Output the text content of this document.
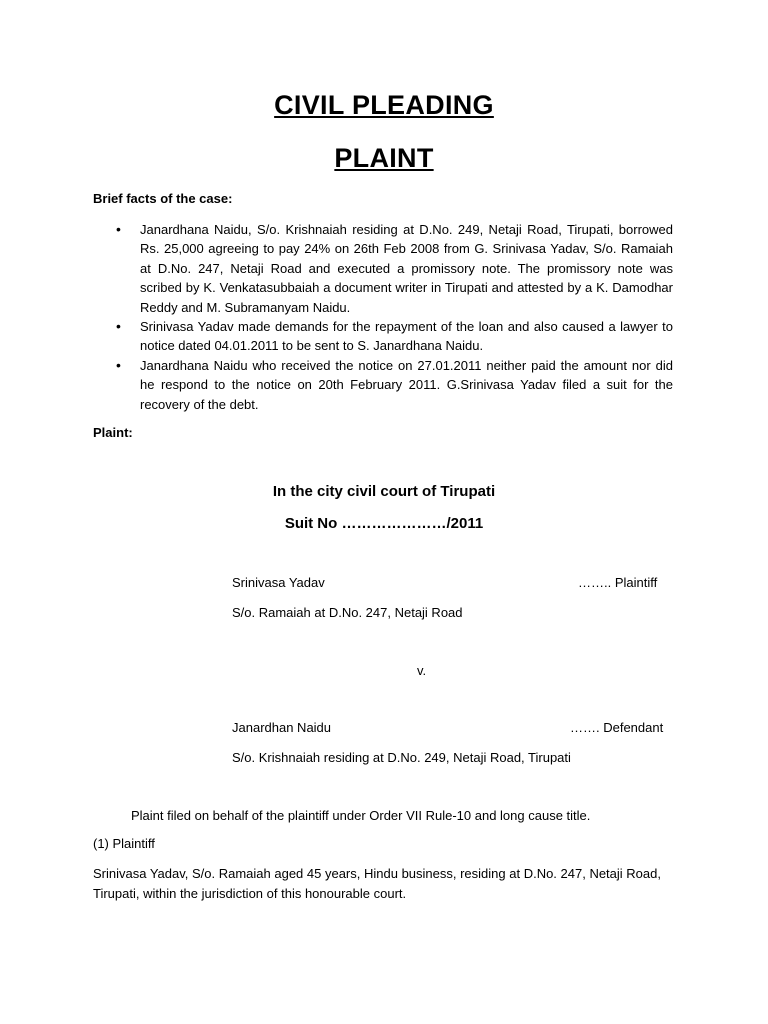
CIVIL PLEADING
PLAINT
Brief facts of the case:
• Janardhana Naidu, S/o. Krishnaiah residing at D.No. 249, Netaji Road, Tirupati, borrowed Rs. 25,000 agreeing to pay 24% on 26th Feb 2008 from G. Srinivasa Yadav, S/o. Ramaiah at D.No. 247, Netaji Road and executed a promissory note. The promissory note was scribed by K. Venkatasubbaiah a document writer in Tirupati and attested by a K. Damodhar Reddy and M. Subramanyam Naidu.
• Srinivasa Yadav made demands for the repayment of the loan and also caused a lawyer to notice dated 04.01.2011 to be sent to S. Janardhana Naidu.
• Janardhana Naidu who received the notice on 27.01.2011 neither paid the amount nor did he respond to the notice on 20th February 2011. G.Srinivasa Yadav filed a suit for the recovery of the debt.
Plaint:
In the city civil court of Tirupati
Suit No …………………/2011
Srinivasa Yadav	…….. Plaintiff
S/o. Ramaiah at D.No. 247, Netaji Road
v.
Janardhan Naidu	……. Defendant
S/o. Krishnaiah residing at D.No. 249, Netaji Road, Tirupati
Plaint filed on behalf of the plaintiff under Order VII Rule-10 and long cause title.
(1) Plaintiff
Srinivasa Yadav, S/o. Ramaiah aged 45 years, Hindu business, residing at D.No. 247, Netaji Road, Tirupati, within the jurisdiction of this honourable court.
